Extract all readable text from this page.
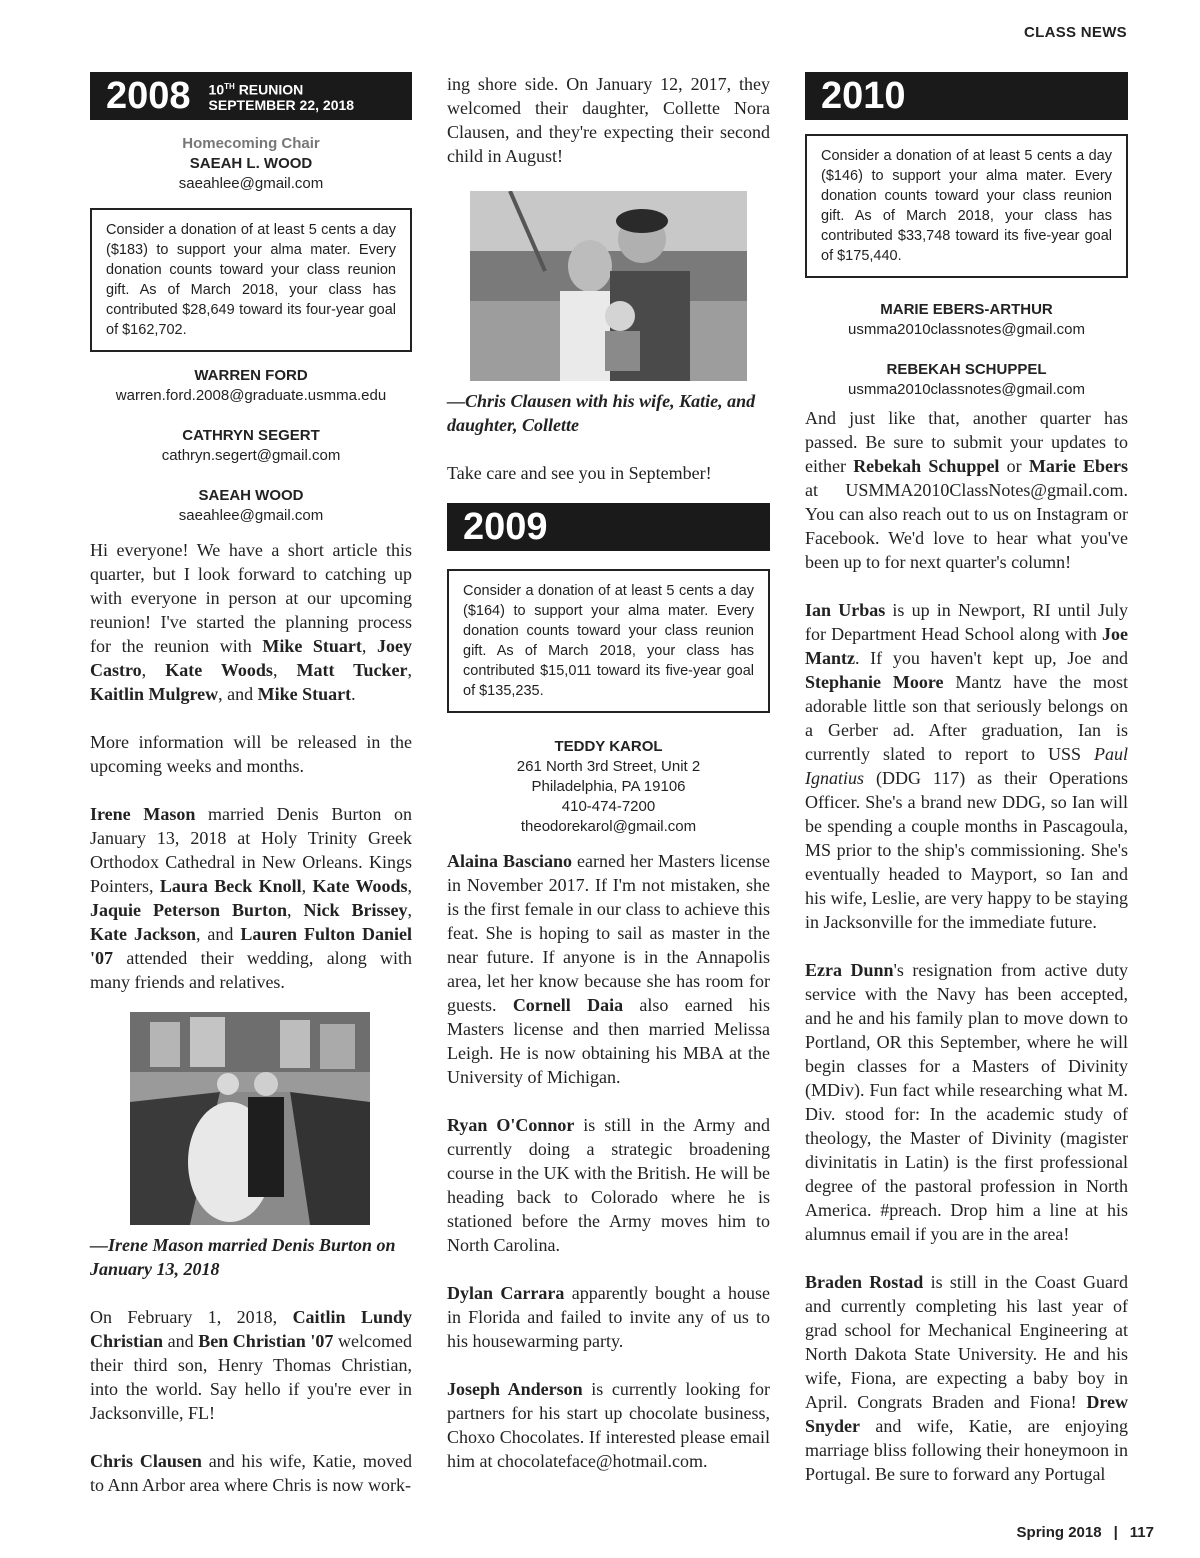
CLASS NEWS
2008 10TH REUNION
SEPTEMBER 22, 2018
Homecoming Chair
SAEAH L. WOOD
saeahlee@gmail.com
Consider a donation of at least 5 cents a day ($183) to support your alma mater. Every donation counts toward your class reunion gift. As of March 2018, your class has contributed $28,649 toward its four-year goal of $162,702.
WARREN FORD
warren.ford.2008@graduate.usmma.edu
CATHRYN SEGERT
cathryn.segert@gmail.com
SAEAH WOOD
saeahlee@gmail.com

Hi everyone! We have a short article this quarter, but I look forward to catching up with everyone in person at our upcoming reunion! I've started the planning process for the reunion with Mike Stuart, Joey Castro, Kate Woods, Matt Tucker, Kaitlin Mulgrew, and Mike Stuart.

More information will be released in the upcoming weeks and months.

Irene Mason married Denis Burton on January 13, 2018 at Holy Trinity Greek Orthodox Cathedral in New Orleans. Kings Pointers, Laura Beck Knoll, Kate Woods, Jaquie Peterson Burton, Nick Brissey, Kate Jackson, and Lauren Fulton Daniel '07 attended their wedding, along with many friends and relatives.

—Irene Mason married Denis Burton on January 13, 2018

On February 1, 2018, Caitlin Lundy Christian and Ben Christian '07 welcomed their third son, Henry Thomas Christian, into the world. Say hello if you're ever in Jacksonville, FL!

Chris Clausen and his wife, Katie, moved to Ann Arbor area where Chris is now work-

ing shore side. On January 12, 2017, they welcomed their daughter, Collette Nora Clausen, and they're expecting their second child in August!

—Chris Clausen with his wife, Katie, and daughter, Collette

Take care and see you in September!

2009
Consider a donation of at least 5 cents a day ($164) to support your alma mater. Every donation counts toward your class reunion gift. As of March 2018, your class has contributed $15,011 toward its five-year goal of $135,235.
TEDDY KAROL
261 North 3rd Street, Unit 2
Philadelphia, PA 19106
410-474-7200
theodorekarol@gmail.com

Alaina Basciano earned her Masters license in November 2017. If I'm not mistaken, she is the first female in our class to achieve this feat. She is hoping to sail as master in the near future. If anyone is in the Annapolis area, let her know because she has room for guests. Cornell Daia also earned his Masters license and then married Melissa Leigh. He is now obtaining his MBA at the University of Michigan.

Ryan O'Connor is still in the Army and currently doing a strategic broadening course in the UK with the British. He will be heading back to Colorado where he is stationed before the Army moves him to North Carolina.

Dylan Carrara apparently bought a house in Florida and failed to invite any of us to his housewarming party.

Joseph Anderson is currently looking for partners for his start up chocolate business, Choxo Chocolates. If interested please email him at chocolateface@hotmail.com.

2010
Consider a donation of at least 5 cents a day ($146) to support your alma mater. Every donation counts toward your class reunion gift. As of March 2018, your class has contributed $33,748 toward its five-year goal of $175,440.
MARIE EBERS-ARTHUR
usmma2010classnotes@gmail.com
REBEKAH SCHUPPEL
usmma2010classnotes@gmail.com

And just like that, another quarter has passed. Be sure to submit your updates to either Rebekah Schuppel or Marie Ebers at USMMA2010ClassNotes@gmail.com. You can also reach out to us on Instagram or Facebook. We'd love to hear what you've been up to for next quarter's column!

Ian Urbas is up in Newport, RI until July for Department Head School along with Joe Mantz. If you haven't kept up, Joe and Stephanie Moore Mantz have the most adorable little son that seriously belongs on a Gerber ad. After graduation, Ian is currently slated to report to USS Paul Ignatius (DDG 117) as their Operations Officer. She's a brand new DDG, so Ian will be spending a couple months in Pascagoula, MS prior to the ship's commissioning. She's eventually headed to Mayport, so Ian and his wife, Leslie, are very happy to be staying in Jacksonville for the immediate future.

Ezra Dunn's resignation from active duty service with the Navy has been accepted, and he and his family plan to move down to Portland, OR this September, where he will begin classes for a Masters of Divinity (MDiv). Fun fact while researching what M. Div. stood for: In the academic study of theology, the Master of Divinity (magister divinitatis in Latin) is the first professional degree of the pastoral profession in North America. #preach. Drop him a line at his alumnus email if you are in the area!

Braden Rostad is still in the Coast Guard and currently completing his last year of grad school for Mechanical Engineering at North Dakota State University. He and his wife, Fiona, are expecting a baby boy in April. Congrats Braden and Fiona! Drew Snyder and wife, Katie, are enjoying marriage bliss following their honeymoon in Portugal. Be sure to forward any Portugal

Spring 2018 | 117
